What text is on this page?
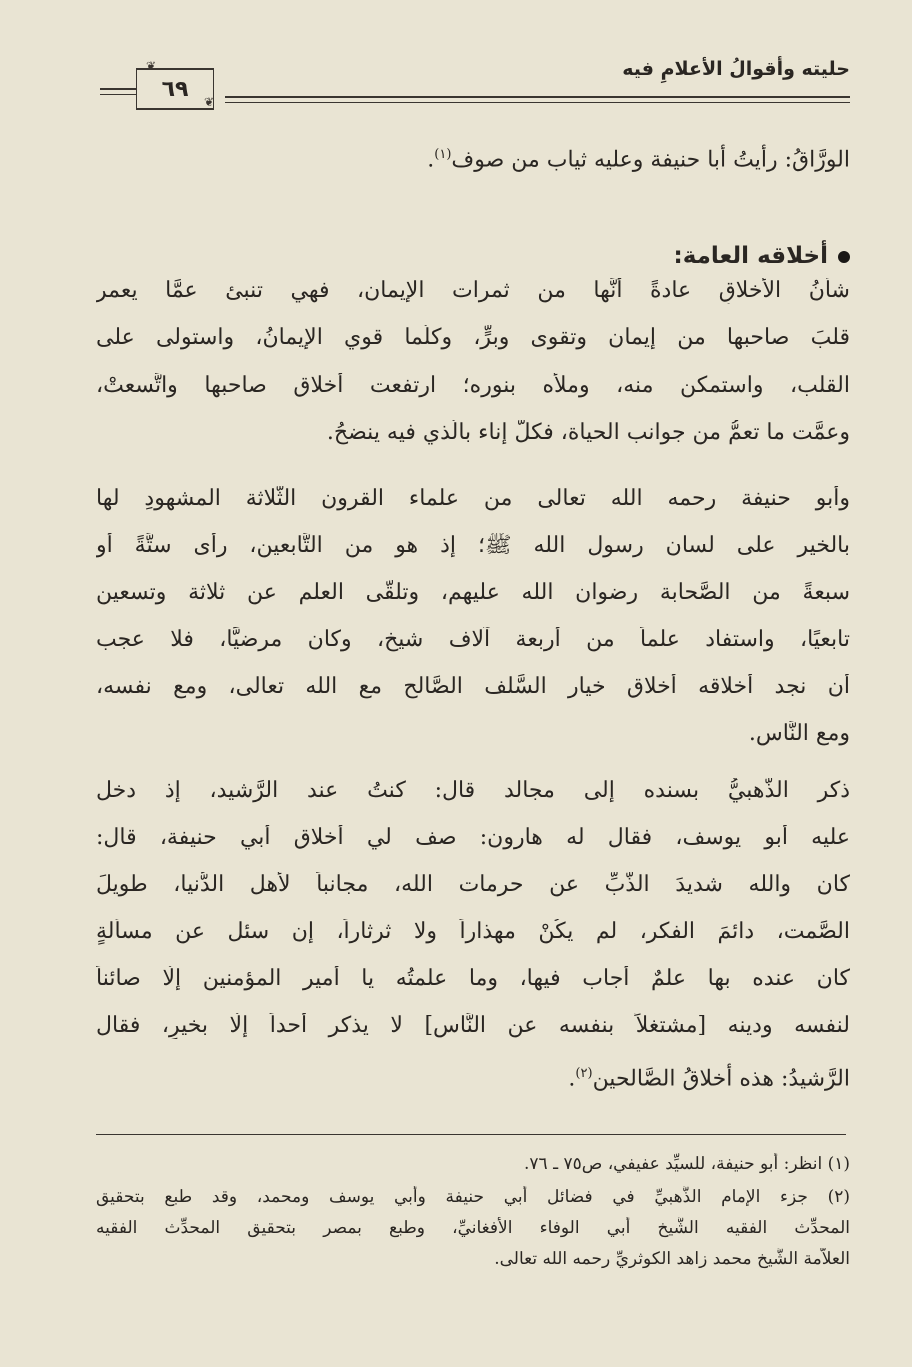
حليته وأقوالُ الأعلامِ فيه
٦٩
❦
❦
الورَّاقُ: رأيتُ أبا حنيفة وعليه ثياب من صوف$^{(١)}$.
أخلاقه العامة:
شأنُ الأخلاقِ عادةً أنَّها من ثمرات الإيمان، فهي تنبئ عمَّا يعمر
قلبَ صاحبها من إيمان وتقوى وبرٍّ، وكلَّما قوي الإيمانُ، واستولى على
القلب، واستمكن منه، وملأه بنوره؛ ارتفعت أخلاق صاحبها واتَّسعتْ،
وعمَّت ما تعمُّ من جوانب الحياة، فكلُّ إناء بالَّذي فيه ينضحُ.
وأبو حنيفة رحمه الله تعالى من علماء القرون الثَّلاثة المشهودِ لها
بالخير على لسان رسول الله ﷺ؛ إذ هو من التَّابعين، رأى ستَّةً أو
سبعةً من الصَّحابة رضوان الله عليهم، وتلقَّى العلم عن ثلاثة وتسعين
تابعيًا، واستفاد علماً من أربعة آلاف شيخ، وكان مرضيًّا، فلا عجب
أن نجد أخلاقه أخلاق خيار السَّلف الصَّالح مع الله تعالى، ومع نفسه،
ومع النَّاس.
ذكر الذَّهبيُّ بسنده إلى مجالد قال: كنتُ عند الرَّشيد، إذ دخل
عليه أبو يوسف، فقال له هارون: صف لي أخلاق أبي حنيفة، قال:
كان والله شديدَ الذَّبِّ عن حرمات الله، مجانباً لأهل الدُّنيا، طويلَ
الصَّمت، دائمَ الفكر، لم يكُنْ مهذاراً ولا ثرثاراً، إن سئل عن مسألةٍ
كان عنده بها علمٌ أجاب فيها، وما علمتُه يا أمير المؤمنين إلَّا صائناً
لنفسه ودينه [مشتغلاً بنفسه عن النَّاس] لا يذكر أحداً إلَّا بخيرٍ، فقال
الرَّشيدُ: هذه أخلاقُ الصَّالحين$^{(٢)}$.
(١) انظر: أبو حنيفة، للسيِّد عفيفي، ص٧٥ ـ ٧٦.
(٢) جزء الإمام الذَّهبيِّ في فضائل أبي حنيفة وأبي يوسف ومحمد، وقد طبع بتحقيق
المحدِّث الفقيه الشَّيخ أبي الوفاء الأفغانيِّ، وطبع بمصر بتحقيق المحدِّث الفقيه
العلاَّمة الشَّيخ محمد زاهد الكوثريِّ رحمه الله تعالى.
